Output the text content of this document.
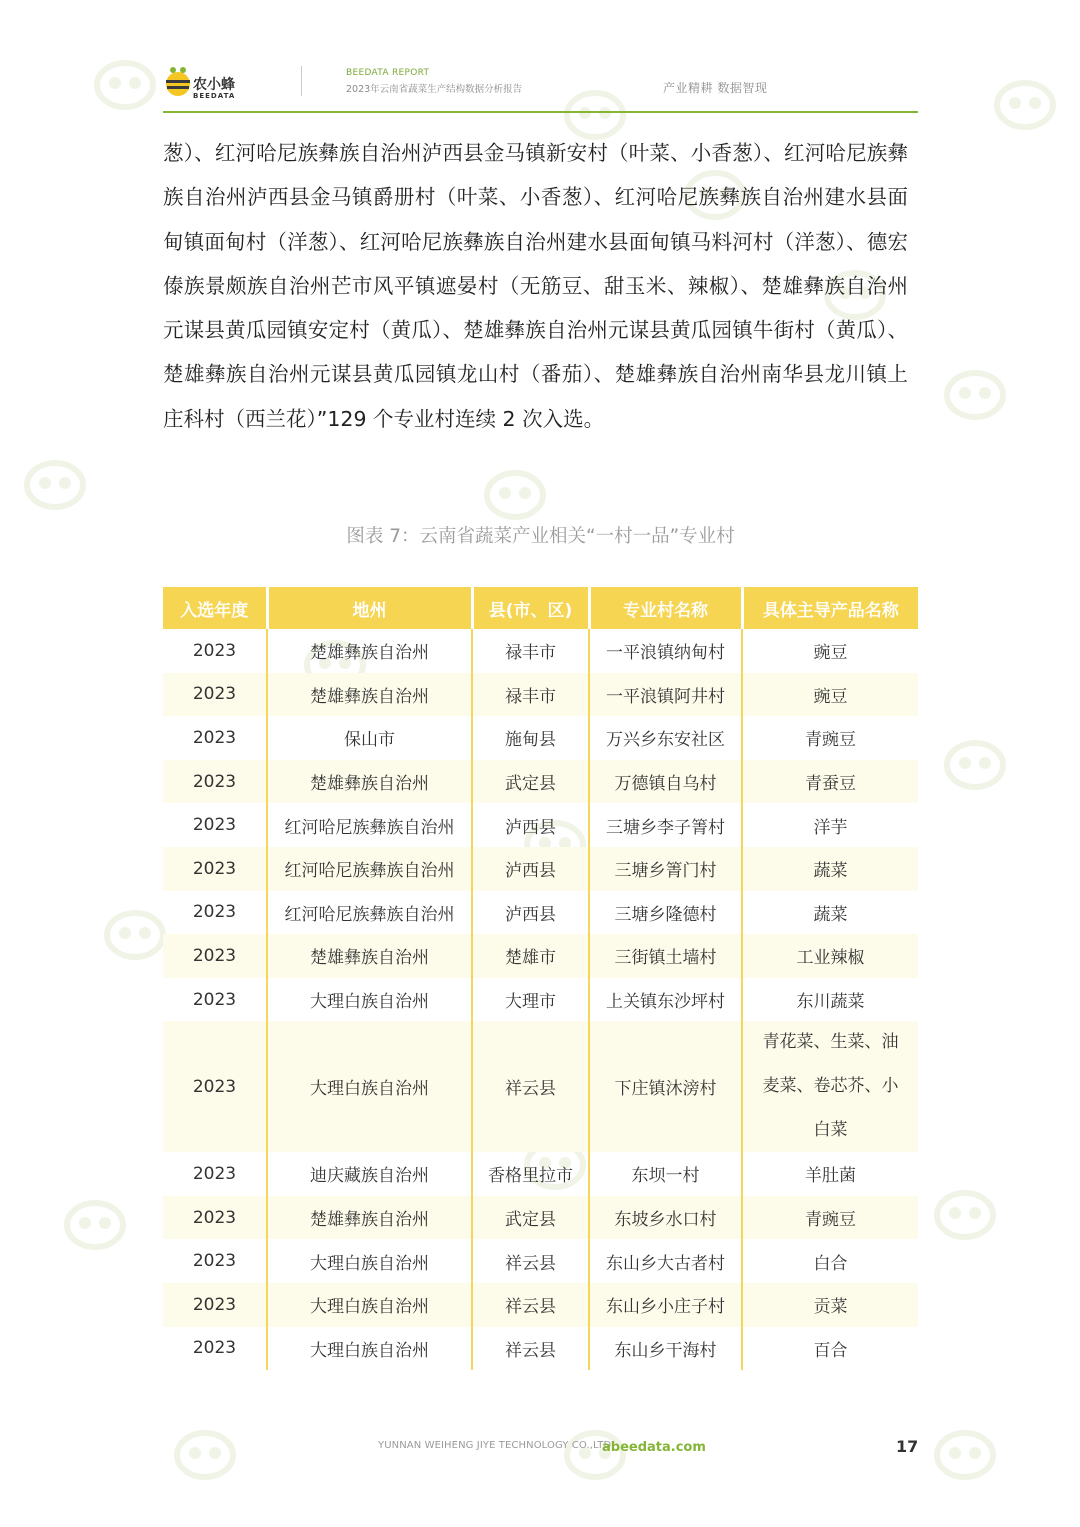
农小蜂
BEEDATA
BEEDATA REPORT
2023年云南省蔬菜生产结构数据分析报告	产业精耕 数据智现
葱）、红河哈尼族彝族自治州泸西县金马镇新安村（叶菜、小香葱）、红河哈尼族彝族自治州泸西县金马镇爵册村（叶菜、小香葱）、红河哈尼族彝族自治州建水县面甸镇面甸村（洋葱）、红河哈尼族彝族自治州建水县面甸镇马料河村（洋葱）、德宏傣族景颇族自治州芒市风平镇遮晏村（无筋豆、甜玉米、辣椒）、楚雄彝族自治州元谋县黄瓜园镇安定村（黄瓜）、楚雄彝族自治州元谋县黄瓜园镇牛街村（黄瓜）、楚雄彝族自治州元谋县黄瓜园镇龙山村（番茄）、楚雄彝族自治州南华县龙川镇上庄科村（西兰花）”129 个专业村连续 2 次入选。
图表 7：云南省蔬菜产业相关“一村一品”专业村
入选年度	地州	县(市、区)	专业村名称	具体主导产品名称
2023	楚雄彝族自治州	禄丰市	一平浪镇纳甸村	豌豆
2023	楚雄彝族自治州	禄丰市	一平浪镇阿井村	豌豆
2023	保山市	施甸县	万兴乡东安社区	青豌豆
2023	楚雄彝族自治州	武定县	万德镇自乌村	青蚕豆
2023	红河哈尼族彝族自治州	泸西县	三塘乡李子箐村	洋芋
2023	红河哈尼族彝族自治州	泸西县	三塘乡箐门村	蔬菜
2023	红河哈尼族彝族自治州	泸西县	三塘乡隆德村	蔬菜
2023	楚雄彝族自治州	楚雄市	三街镇土墙村	工业辣椒
2023	大理白族自治州	大理市	上关镇东沙坪村	东川蔬菜
2023	大理白族自治州	祥云县	下庄镇沐滂村	青花菜、生菜、油麦菜、卷芯芥、小白菜
2023	迪庆藏族自治州	香格里拉市	东坝一村	羊肚菌
2023	楚雄彝族自治州	武定县	东坡乡水口村	青豌豆
2023	大理白族自治州	祥云县	东山乡大古者村	白合
2023	大理白族自治州	祥云县	东山乡小庄子村	贡菜
2023	大理白族自治州	祥云县	东山乡干海村	百合
YUNNAN WEIHENG JIYE TECHNOLOGY CO.,LTD.
abeedata.com	17
